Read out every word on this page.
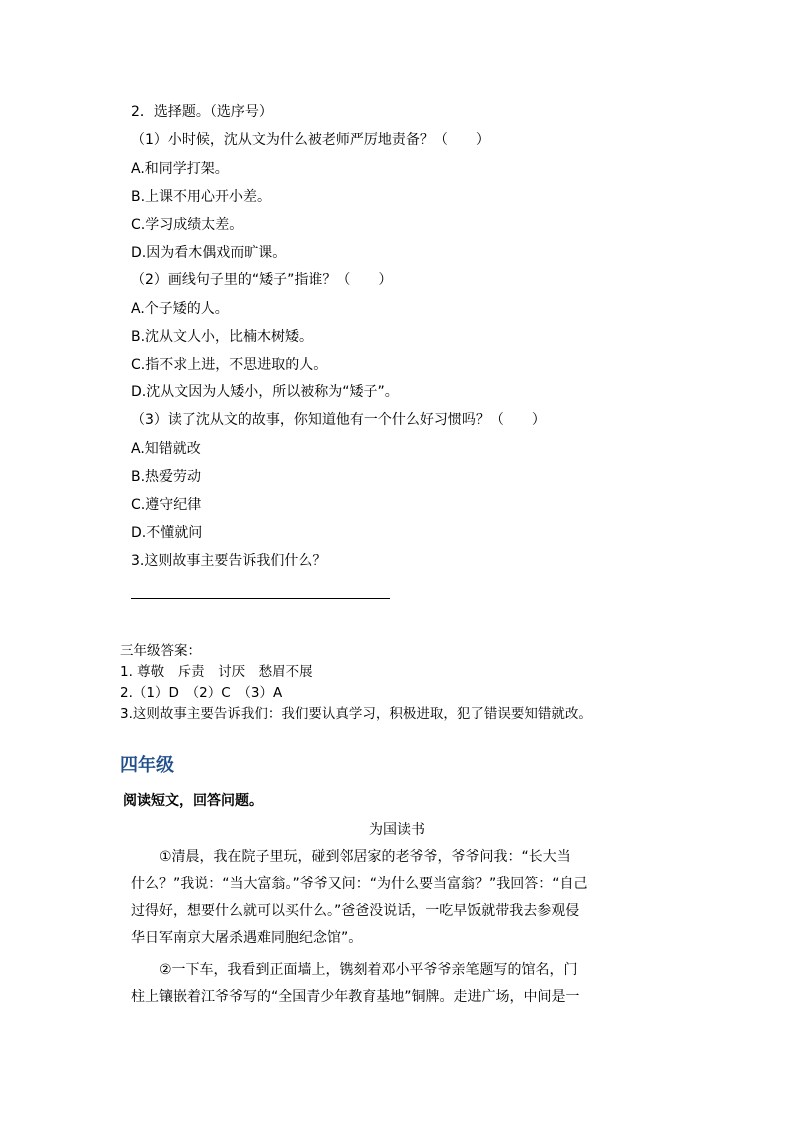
2．选择题。（选序号）
（1）小时候，沈从文为什么被老师严厉地责备？（　　）
A.和同学打架。
B.上课不用心开小差。
C.学习成绩太差。
D.因为看木偶戏而旷课。
（2）画线句子里的“矮子”指谁？（　　）
A.个子矮的人。
B.沈从文人小，比楠木树矮。
C.指不求上进，不思进取的人。
D.沈从文因为人矮小，所以被称为“矮子”。
（3）读了沈从文的故事，你知道他有一个什么好习惯吗？（　　）
A.知错就改
B.热爱劳动
C.遵守纪律
D.不懂就问
3.这则故事主要告诉我们什么？
三年级答案：
1. 尊敬　斥责　讨厌　愁眉不展
2.（1）D　（2）C　（3）A
3.这则故事主要告诉我们：我们要认真学习，积极进取，犯了错误要知错就改。
四年级
阅读短文，回答问题。
为国读书
　　①清晨，我在院子里玩，碰到邻居家的老爷爷，爷爷问我：“长大当
什么？”我说：“当大富翁。”爷爷又问：“为什么要当富翁？”我回答：“自己
过得好，想要什么就可以买什么。”爸爸没说话，一吃早饭就带我去参观侵
华日军南京大屠杀遇难同胞纪念馆”。
　　②一下车，我看到正面墙上，镌刻着邓小平爷爷亲笔题写的馆名，门
柱上镶嵌着江爷爷写的“全国青少年教育基地”铜牌。走进广场，中间是一
